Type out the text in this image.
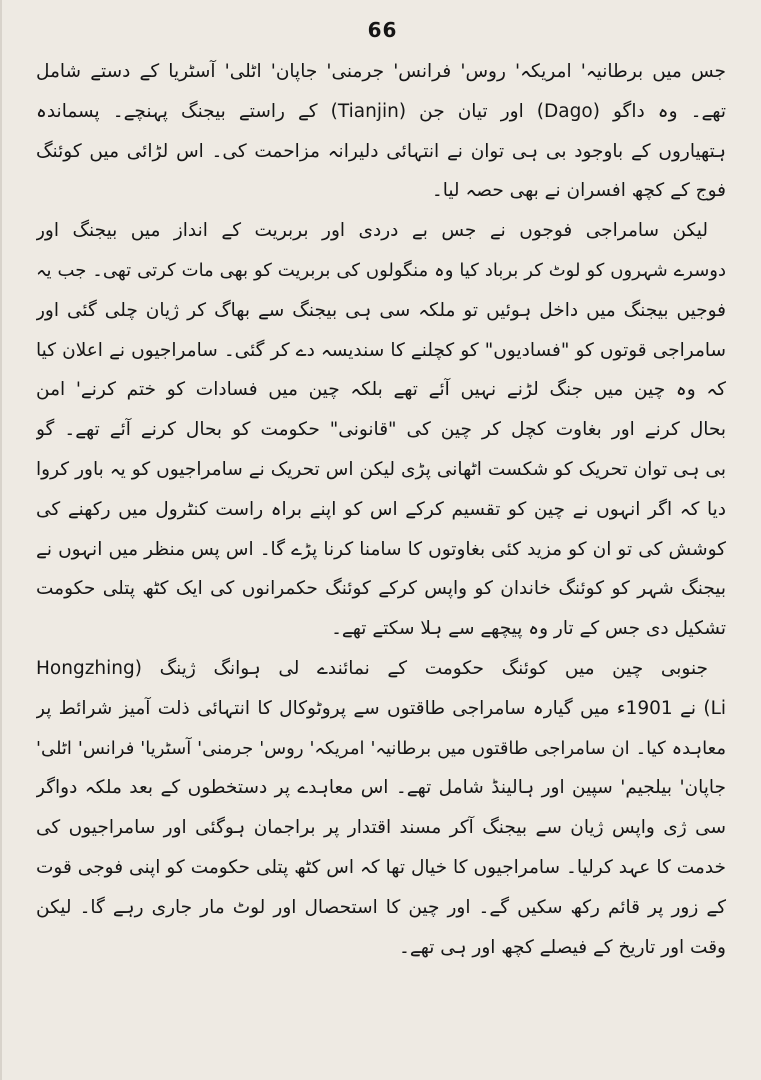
66
جس میں برطانیہ' امریکہ' روس' فرانس' جرمنی' جاپان' اٹلی' آسٹریا کے دستے شامل
تھے۔ وہ داگو (Dago) اور تیان جن (Tianjin) کے راستے بیجنگ پہنچے۔ پسماندہ
ہتھیاروں کے باوجود بی ہی توان نے انتہائی دلیرانہ مزاحمت کی۔ اس لڑائی میں کوئنگ
فوج کے کچھ افسران نے بھی حصہ لیا۔
لیکن سامراجی فوجوں نے جس بے دردی اور بربریت کے انداز میں بیجنگ اور
دوسرے شہروں کو لوٹ کر برباد کیا وہ منگولوں کی بربریت کو بھی مات کرتی تھی۔ جب یہ
فوجیں بیجنگ میں داخل ہوئیں تو ملکہ سی ہی بیجنگ سے بھاگ کر ژیان چلی گئی اور
سامراجی قوتوں کو "فسادیوں" کو کچلنے کا سندیسہ دے کر گئی۔ سامراجیوں نے اعلان کیا
کہ وہ چین میں جنگ لڑنے نہیں آئے تھے بلکہ چین میں فسادات کو ختم کرنے' امن
بحال کرنے اور بغاوت کچل کر چین کی "قانونی" حکومت کو بحال کرنے آئے تھے۔ گو
بی ہی توان تحریک کو شکست اٹھانی پڑی لیکن اس تحریک نے سامراجیوں کو یہ باور کروا
دیا کہ اگر انہوں نے چین کو تقسیم کرکے اس کو اپنے براہ راست کنٹرول میں رکھنے کی
کوشش کی تو ان کو مزید کئی بغاوتوں کا سامنا کرنا پڑے گا۔ اس پس منظر میں انہوں نے
بیجنگ شہر کو کوئنگ خاندان کو واپس کرکے کوئنگ حکمرانوں کی ایک کٹھ پتلی حکومت
تشکیل دی جس کے تار وہ پیچھے سے ہلا سکتے تھے۔
جنوبی چین میں کوئنگ حکومت کے نمائندے لی ہوانگ ژینگ (Hongzhing
Li) نے 1901ء میں گیارہ سامراجی طاقتوں سے پروٹوکال کا انتہائی ذلت آمیز شرائط پر
معاہدہ کیا۔ ان سامراجی طاقتوں میں برطانیہ' امریکہ' روس' جرمنی' آسٹریا' فرانس' اٹلی'
جاپان' بیلجیم' سپین اور ہالینڈ شامل تھے۔ اس معاہدے پر دستخطوں کے بعد ملکہ دواگر
سی ژی واپس ژیان سے بیجنگ آکر مسند اقتدار پر براجمان ہوگئی اور سامراجیوں کی
خدمت کا عہد کرلیا۔ سامراجیوں کا خیال تھا کہ اس کٹھ پتلی حکومت کو اپنی فوجی قوت
کے زور پر قائم رکھ سکیں گے۔ اور چین کا استحصال اور لوٹ مار جاری رہے گا۔ لیکن
وقت اور تاریخ کے فیصلے کچھ اور ہی تھے۔
